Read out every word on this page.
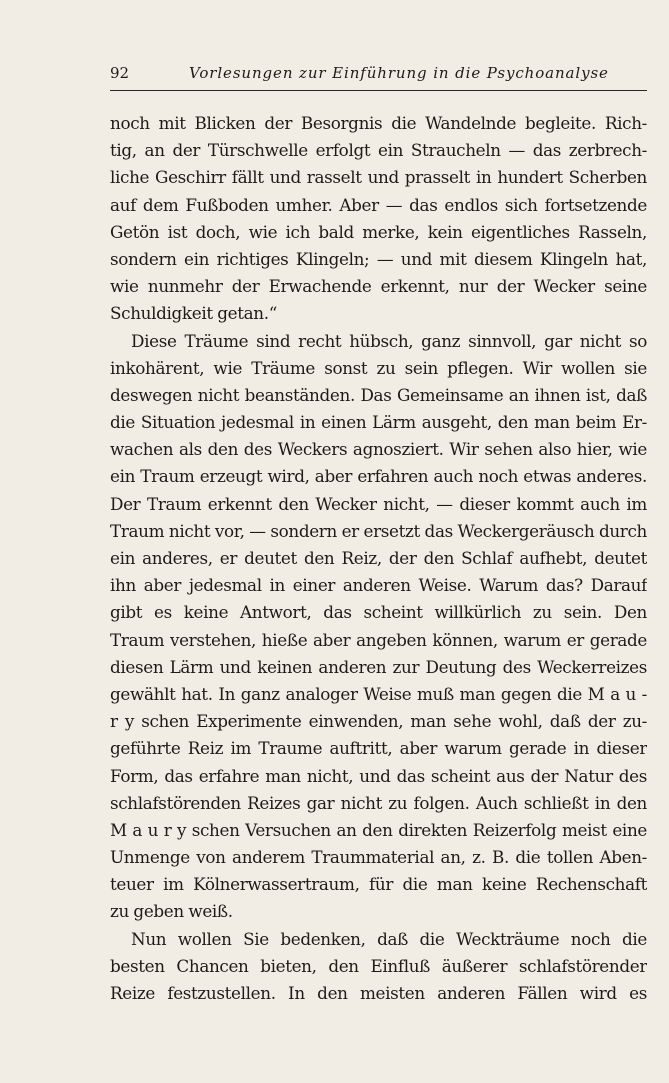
92	Vorlesungen zur Einführung in die Psychoanalyse
noch mit Blicken der Besorgnis die Wandelnde begleite. Rich-
tig, an der Türschwelle erfolgt ein Straucheln — das zerbrech-
liche Geschirr fällt und rasselt und prasselt in hundert Scherben
auf dem Fußboden umher. Aber — das endlos sich fortsetzende
Getön ist doch, wie ich bald merke, kein eigentliches Rasseln,
sondern ein richtiges Klingeln; — und mit diesem Klingeln hat,
wie nunmehr der Erwachende erkennt, nur der Wecker seine
Schuldigkeit getan.“
Diese Träume sind recht hübsch, ganz sinnvoll, gar nicht so
inkohärent, wie Träume sonst zu sein pflegen. Wir wollen sie
deswegen nicht beanständen. Das Gemeinsame an ihnen ist, daß
die Situation jedesmal in einen Lärm ausgeht, den man beim Er-
wachen als den des Weckers agnosziert. Wir sehen also hier, wie
ein Traum erzeugt wird, aber erfahren auch noch etwas anderes.
Der Traum erkennt den Wecker nicht, — dieser kommt auch im
Traum nicht vor, — sondern er ersetzt das Weckergeräusch durch
ein anderes, er deutet den Reiz, der den Schlaf aufhebt, deutet
ihn aber jedesmal in einer anderen Weise. Warum das? Darauf
gibt es keine Antwort, das scheint willkürlich zu sein. Den
Traum verstehen, hieße aber angeben können, warum er gerade
diesen Lärm und keinen anderen zur Deutung des Weckerreizes
gewählt hat. In ganz analoger Weise muß man gegen die M a u -
r y schen Experimente einwenden, man sehe wohl, daß der zu-
geführte Reiz im Traume auftritt, aber warum gerade in dieser
Form, das erfahre man nicht, und das scheint aus der Natur des
schlafstörenden Reizes gar nicht zu folgen. Auch schließt in den
M a u r y schen Versuchen an den direkten Reizerfolg meist eine
Unmenge von anderem Traummaterial an, z. B. die tollen Aben-
teuer im Kölnerwassertraum, für die man keine Rechenschaft
zu geben weiß.
Nun wollen Sie bedenken, daß die Weckträume noch die
besten Chancen bieten, den Einfluß äußerer schlafstörender
Reize festzustellen. In den meisten anderen Fällen wird es
